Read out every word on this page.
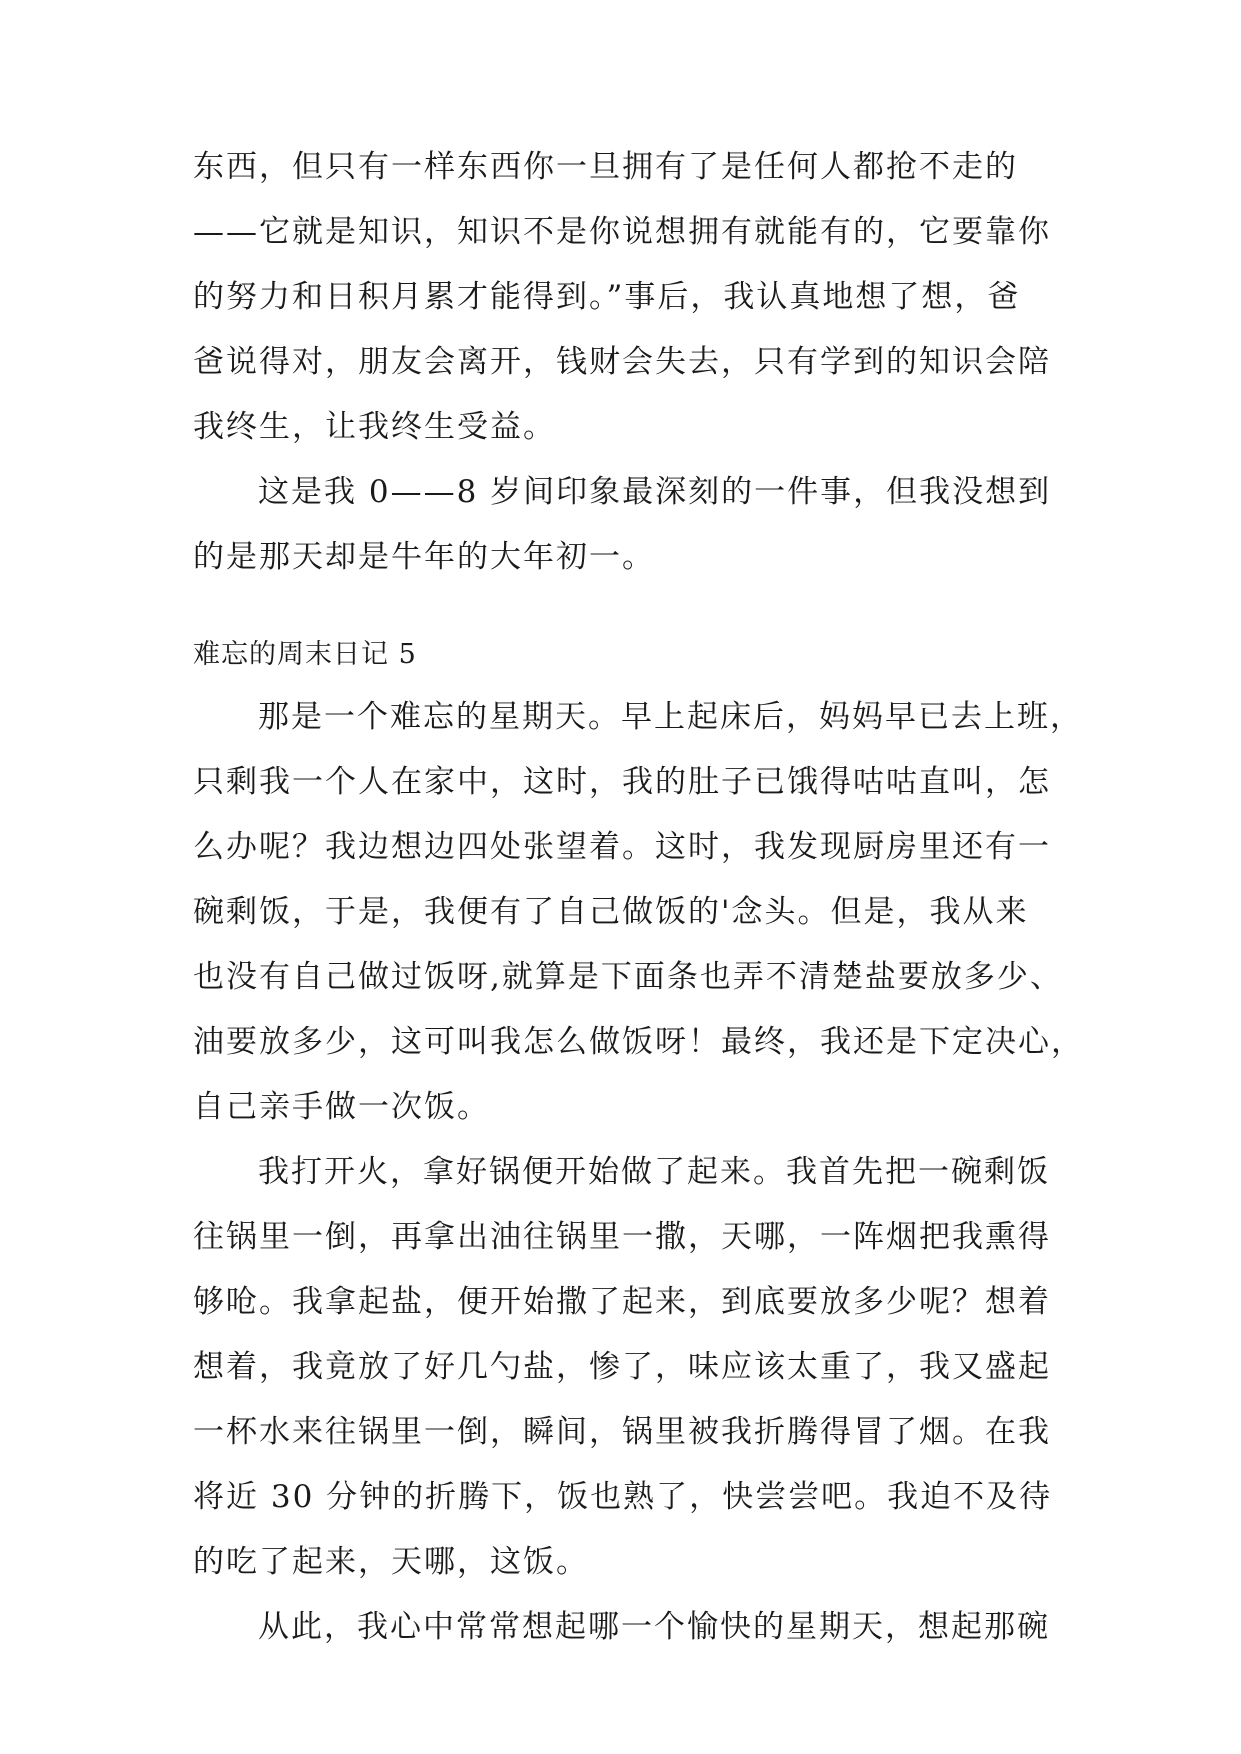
东西，但只有一样东西你一旦拥有了是任何人都抢不走的
——它就是知识，知识不是你说想拥有就能有的，它要靠你
的努力和日积月累才能得到。”事后，我认真地想了想，爸
爸说得对，朋友会离开，钱财会失去，只有学到的知识会陪
我终生，让我终生受益。
这是我 0——8 岁间印象最深刻的一件事，但我没想到
的是那天却是牛年的大年初一。
难忘的周末日记 5
那是一个难忘的星期天。早上起床后，妈妈早已去上班，
只剩我一个人在家中，这时，我的肚子已饿得咕咕直叫，怎
么办呢？我边想边四处张望着。这时，我发现厨房里还有一
碗剩饭，于是，我便有了自己做饭的'念头。但是，我从来
也没有自己做过饭呀,就算是下面条也弄不清楚盐要放多少、
油要放多少，这可叫我怎么做饭呀！最终，我还是下定决心，
自己亲手做一次饭。
我打开火，拿好锅便开始做了起来。我首先把一碗剩饭
往锅里一倒，再拿出油往锅里一撒，天哪，一阵烟把我熏得
够呛。我拿起盐，便开始撒了起来，到底要放多少呢？想着
想着，我竟放了好几勺盐，惨了，味应该太重了，我又盛起
一杯水来往锅里一倒，瞬间，锅里被我折腾得冒了烟。在我
将近 30 分钟的折腾下，饭也熟了，快尝尝吧。我迫不及待
的吃了起来，天哪，这饭。
从此，我心中常常想起哪一个愉快的星期天，想起那碗
